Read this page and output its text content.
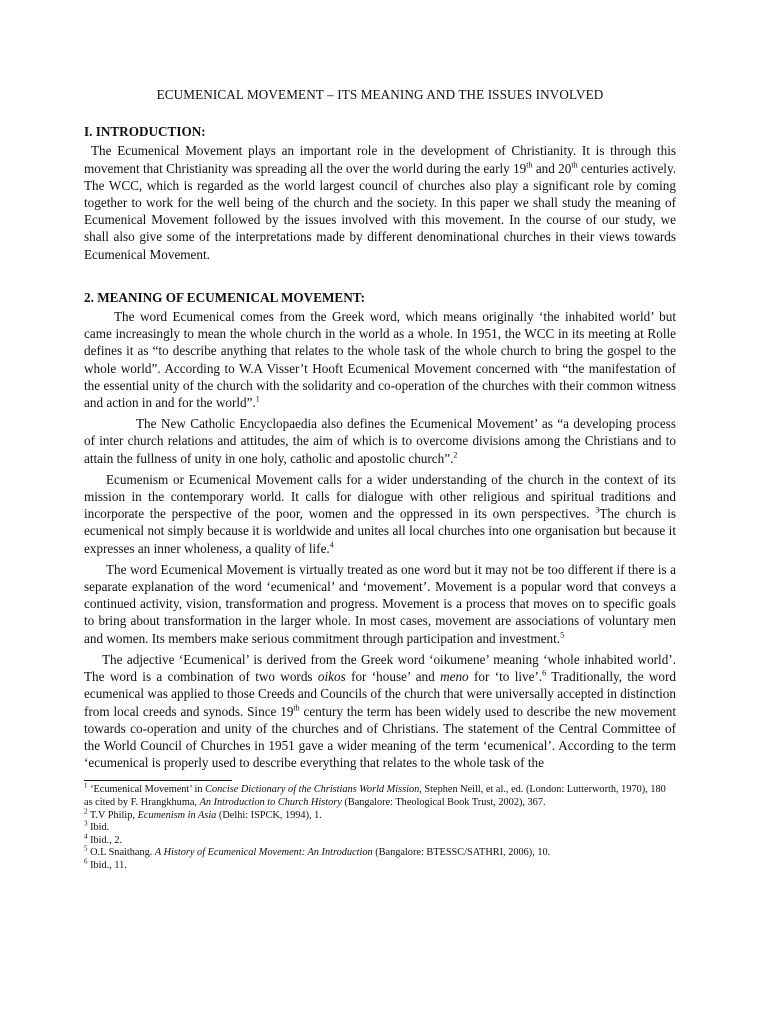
ECUMENICAL MOVEMENT – ITS MEANING AND THE ISSUES INVOLVED
I. INTRODUCTION:

The Ecumenical Movement plays an important role in the development of Christianity. It is through this movement that Christianity was spreading all the over the world during the early 19th and 20th centuries actively. The WCC, which is regarded as the world largest council of churches also play a significant role by coming together to work for the well being of the church and the society. In this paper we shall study the meaning of Ecumenical Movement followed by the issues involved with this movement. In the course of our study, we shall also give some of the interpretations made by different denominational churches in their views towards Ecumenical Movement.

2. MEANING OF ECUMENICAL MOVEMENT:

The word Ecumenical comes from the Greek word, which means originally ‘the inhabited world’ but came increasingly to mean the whole church in the world as a whole. In 1951, the WCC in its meeting at Rolle defines it as “to describe anything that relates to the whole task of the whole church to bring the gospel to the whole world”. According to W.A Visser’t Hooft Ecumenical Movement concerned with “the manifestation of the essential unity of the church with the solidarity and co-operation of the churches with their common witness and action in and for the world”.$^1$

The New Catholic Encyclopaedia also defines the Ecumenical Movement’ as “a developing process of inter church relations and attitudes, the aim of which is to overcome divisions among the Christians and to attain the fullness of unity in one holy, catholic and apostolic church”.$^2$

Ecumenism or Ecumenical Movement calls for a wider understanding of the church in the context of its mission in the contemporary world. It calls for dialogue with other religious and spiritual traditions and incorporate the perspective of the poor, women and the oppressed in its own perspectives. $^3$The church is ecumenical not simply because it is worldwide and unites all local churches into one organisation but because it expresses an inner wholeness, a quality of life.$^4$

The word Ecumenical Movement is virtually treated as one word but it may not be too different if there is a separate explanation of the word ‘ecumenical’ and ‘movement’. Movement is a popular word that conveys a continued activity, vision, transformation and progress. Movement is a process that moves on to specific goals to bring about transformation in the larger whole. In most cases, movement are associations of voluntary men and women. Its members make serious commitment through participation and investment.$^5$

The adjective ‘Ecumenical’ is derived from the Greek word ‘oikumene’ meaning ‘whole inhabited world’. The word is a combination of two words oikos for ‘house’ and meno for ‘to live’.$^6$ Traditionally, the word ecumenical was applied to those Creeds and Councils of the church that were universally accepted in distinction from local creeds and synods. Since 19th century the term has been widely used to describe the new movement towards co-operation and unity of the churches and of Christians. The statement of the Central Committee of the World Council of Churches in 1951 gave a wider meaning of the term ‘ecumenical’. According to the term ‘ecumenical is properly used to describe everything that relates to the whole task of the

$^1$ ‘Ecumenical Movement’ in Concise Dictionary of the Christians World Mission, Stephen Neill, et al., ed. (London: Lutterworth, 1970), 180 as cited by F. Hrangkhuma, An Introduction to Church History (Bangalore: Theological Book Trust, 2002), 367.
$^2$ T.V Philip, Ecumenism in Asia (Delhi: ISPCK, 1994), 1.
$^3$ Ibid.
$^4$ Ibid., 2.
$^5$ O.L Snaithang. A History of Ecumenical Movement: An Introduction (Bangalore: BTESSC/SATHRI, 2006), 10.
$^6$ Ibid., 11.
